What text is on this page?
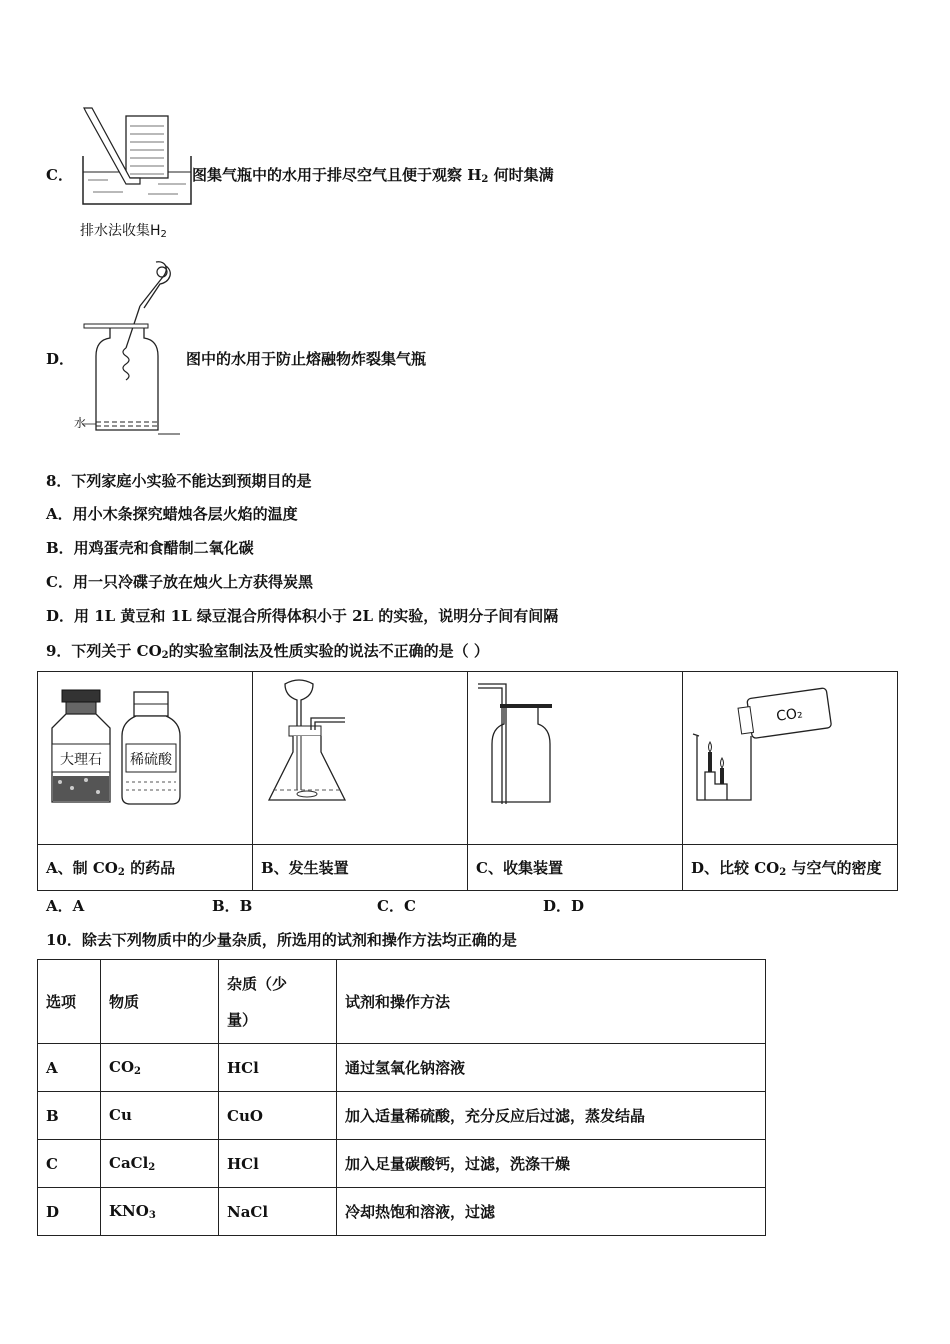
排水法收集$H_2$
C．	图集气瓶中的水用于排尽空气且便于观察 $H_2$ 何时集满
水
D．	图中的水用于防止熔融物炸裂集气瓶
8．下列家庭小实验不能达到预期目的是
A．用小木条探究蜡烛各层火焰的温度
B．用鸡蛋壳和食醋制二氧化碳
C．用一只冷碟子放在烛火上方获得炭黑
D．用 1L 黄豆和 1L 绿豆混合所得体积小于 2L 的实验，说明分子间有间隔
9．下列关于 $CO_2$的实验室制法及性质实验的说法不正确的是（ ）
大理石 稀硫酸			CO₂

A、制 $CO_2$ 的药品	B、发生装置	C、收集装置	D、比较 $CO_2$ 与空气的密度
A．A	B．B	C．C	D．D
10．除去下列物质中的少量杂质，所选用的试剂和操作方法均正确的是
选项	物质	杂质（少
量）	试剂和操作方法
A	$CO_2$	HCl	通过氢氧化钠溶液
B	Cu	CuO	加入适量稀硫酸，充分反应后过滤，蒸发结晶
C	CaCl$_2$	HCl	加入足量碳酸钙，过滤，洗涤干燥
D	$KNO_3$	NaCl	冷却热饱和溶液，过滤
